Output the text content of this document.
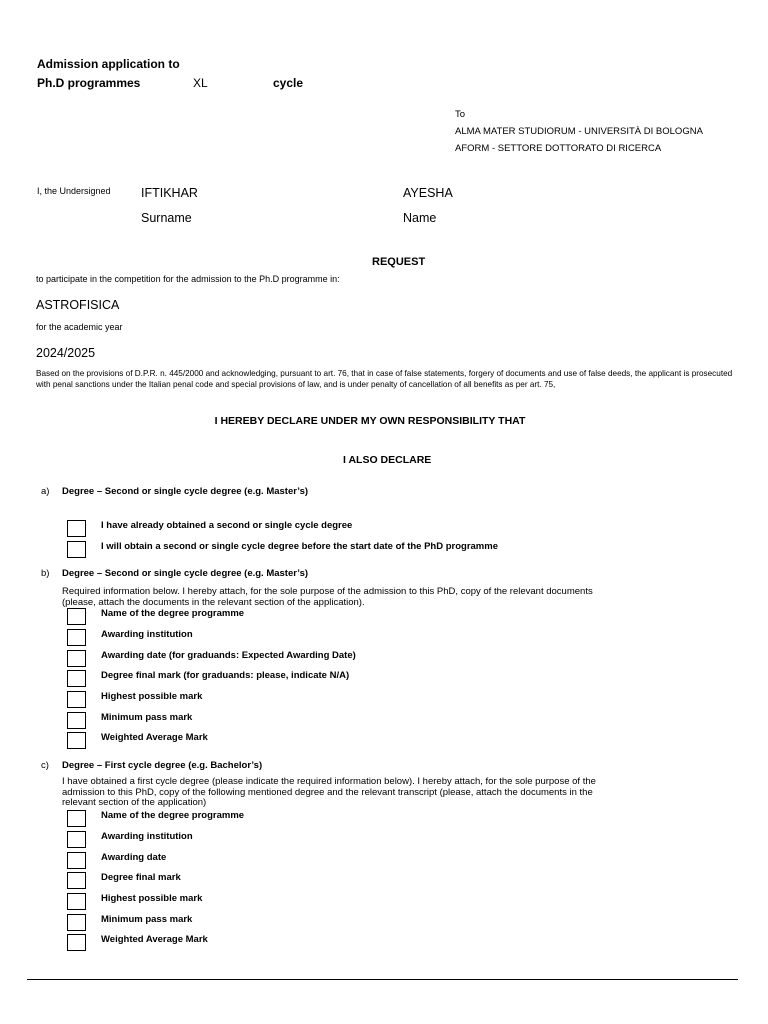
Admission application to
Ph.D programmes	XL	cycle
To
ALMA MATER STUDIORUM - UNIVERSITÀ DI BOLOGNA
AFORM - SETTORE DOTTORATO DI RICERCA
I, the Undersigned IFTIKHAR	AYESHA
Surname	Name
REQUEST
to participate in the competition for the admission to the Ph.D programme in:
ASTROFISICA
for the academic year
2024/2025
Based on the provisions of D.P.R. n. 445/2000 and acknowledging, pursuant to art. 76, that in case of false statements, forgery of documents and use of false deeds, the applicant is prosecuted with penal sanctions under the Italian penal code and special provisions of law, and is under penalty of cancellation of all benefits as per art. 75,
I HEREBY DECLARE UNDER MY OWN RESPONSIBILITY THAT
I ALSO DECLARE
a) Degree – Second or single cycle degree (e.g. Master’s)
I have already obtained a second or single cycle degree
I will obtain a second or single cycle degree before the start date of the PhD programme
b) Degree – Second or single cycle degree (e.g. Master’s)
Required information below. I hereby attach, for the sole purpose of the admission to this PhD, copy of the relevant documents (please, attach the documents in the relevant section of the application).
Name of the degree programme
Awarding institution
Awarding date (for graduands: Expected Awarding Date)
Degree final mark (for graduands: please, indicate N/A)
Highest possible mark
Minimum pass mark
Weighted Average Mark
c) Degree – First cycle degree (e.g. Bachelor’s)
I have obtained a first cycle degree (please indicate the required information below). I hereby attach, for the sole purpose of the admission to this PhD, copy of the following mentioned degree and the relevant transcript (please, attach the documents in the relevant section of the application)
Name of the degree programme
Awarding institution
Awarding date
Degree final mark
Highest possible mark
Minimum pass mark
Weighted Average Mark
